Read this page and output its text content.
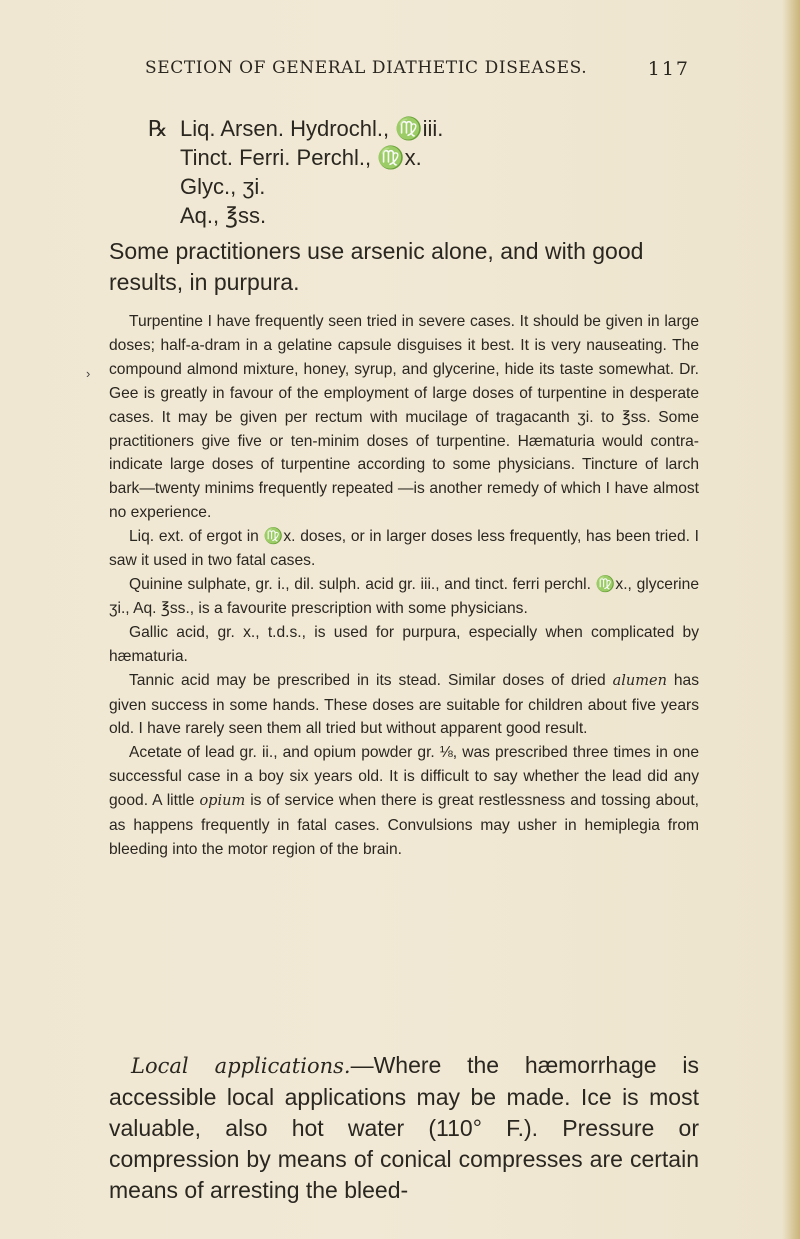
SECTION OF GENERAL DIATHETIC DISEASES.	117
℞ Liq. Arsen. Hydrochl., ♍iii.
Tinct. Ferri. Perchl., ♍x.
Glyc., ʒi.
Aq., ℥ss.
Some practitioners use arsenic alone, and with good results, in purpura.
›

Turpentine I have frequently seen tried in severe cases. It should be given in large doses; half-a-dram in a gelatine capsule disguises it best. It is very nauseating. The compound almond mixture, honey, syrup, and glycerine, hide its taste somewhat. Dr. Gee is greatly in favour of the employment of large doses of turpentine in desperate cases. It may be given per rectum with mucilage of tragacanth ʒi. to ℥ss. Some practitioners give five or ten-minim doses of turpentine. Hæmaturia would contra-indicate large doses of turpentine according to some physicians. Tincture of larch bark—twenty minims frequently repeated —is another remedy of which I have almost no experience.

Liq. ext. of ergot in ♍x. doses, or in larger doses less frequently, has been tried. I saw it used in two fatal cases.

Quinine sulphate, gr. i., dil. sulph. acid gr. iii., and tinct. ferri perchl. ♍x., glycerine ʒi., Aq. ℥ss., is a favourite prescription with some physicians.

Gallic acid, gr. x., t.d.s., is used for purpura, especially when complicated by hæmaturia.

Tannic acid may be prescribed in its stead. Similar doses of dried alumen has given success in some hands. These doses are suitable for children about five years old. I have rarely seen them all tried but without apparent good result.

Acetate of lead gr. ii., and opium powder gr. ⅛, was prescribed three times in one successful case in a boy six years old. It is difficult to say whether the lead did any good. A little opium is of service when there is great restlessness and tossing about, as happens frequently in fatal cases. Convulsions may usher in hemiplegia from bleeding into the motor region of the brain.

Local applications.—Where the hæmorrhage is accessible local applications may be made. Ice is most valuable, also hot water (110° F.). Pressure or compression by means of conical compresses are certain means of arresting the bleed-
